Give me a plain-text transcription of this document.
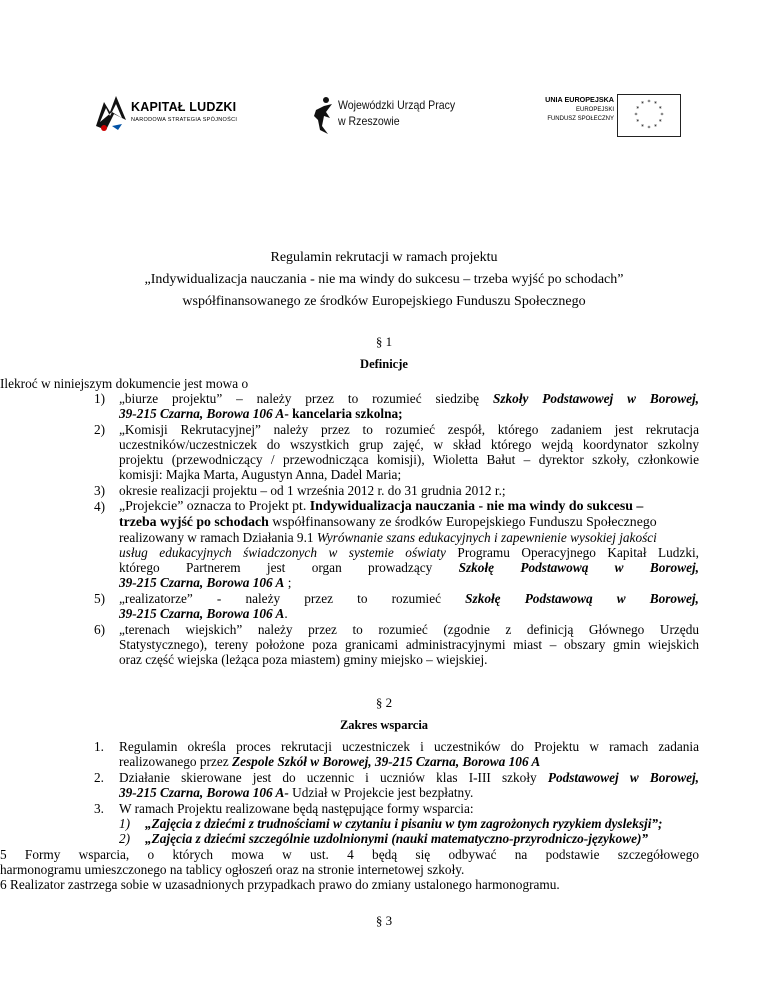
KAPITAŁ LUDZKI
NARODOWA STRATEGIA SPÓJNOŚCI
Wojewódzki Urząd Pracy
w Rzeszowie
UNIA EUROPEJSKA
EUROPEJSKI
FUNDUSZ SPOŁECZNY
* *
*
*
*
*
*
*
*
*
*
*
Regulamin rekrutacji w ramach projektu
„Indywidualizacja nauczania - nie ma windy do sukcesu – trzeba wyjść po schodach”
współfinansowanego ze środków Europejskiego Funduszu Społecznego
§ 1
Definicje
Ilekroć w niniejszym dokumencie jest mowa o
1) „biurze projektu” – należy przez to rozumieć siedzibę Szkoły Podstawowej w Borowej,
39-215 Czarna, Borowa 106 A- kancelaria szkolna;
2) „Komisji Rekrutacyjnej” należy przez to rozumieć zespół, którego zadaniem jest rekrutacja
uczestników/uczestniczek do wszystkich grup zajęć, w skład którego wejdą koordynator szkolny
projektu (przewodniczący / przewodnicząca komisji), Wioletta Bałut – dyrektor szkoły, członkowie
komisji: Majka Marta, Augustyn Anna, Dadel Maria;
3) okresie realizacji projektu – od 1 września 2012 r. do 31 grudnia 2012 r.;
4) „Projekcie” oznacza to Projekt pt. Indywidualizacja nauczania - nie ma windy do sukcesu –
trzeba wyjść po schodach współfinansowany ze środków Europejskiego Funduszu Społecznego
realizowany w ramach Działania 9.1 Wyrównanie szans edukacyjnych i zapewnienie wysokiej jakości
usług edukacyjnych świadczonych w systemie oświaty Programu Operacyjnego Kapitał Ludzki,
którego Partnerem jest organ prowadzący Szkołę Podstawową w Borowej,
39-215 Czarna, Borowa 106 A ;
5) „realizatorze” - należy przez to rozumieć Szkołę Podstawową w Borowej,
39-215 Czarna, Borowa 106 A.
6) „terenach wiejskich” należy przez to rozumieć (zgodnie z definicją Głównego Urzędu
Statystycznego), tereny położone poza granicami administracyjnymi miast – obszary gmin wiejskich
oraz część wiejska (leżąca poza miastem) gminy miejsko – wiejskiej.
§ 2
Zakres wsparcia
1. Regulamin określa proces rekrutacji uczestniczek i uczestników do Projektu w ramach zadania
realizowanego przez Zespole Szkół w Borowej, 39-215 Czarna, Borowa 106 A
2. Działanie skierowane jest do uczennic i uczniów klas I-III szkoły Podstawowej w Borowej,
39-215 Czarna, Borowa 106 A- Udział w Projekcie jest bezpłatny.
3. W ramach Projektu realizowane będą następujące formy wsparcia:
1) „Zajęcia z dziećmi z trudnościami w czytaniu i pisaniu w tym zagrożonych ryzykiem dysleksji”;
2) „Zajęcia z dziećmi szczególnie uzdolnionymi (nauki matematyczno-przyrodniczo-językowe)”
5 Formy wsparcia, o których mowa w ust. 4 będą się odbywać na podstawie szczegółowego
harmonogramu umieszczonego na tablicy ogłoszeń oraz na stronie internetowej szkoły.
6 Realizator zastrzega sobie w uzasadnionych przypadkach prawo do zmiany ustalonego harmonogramu.
§ 3
